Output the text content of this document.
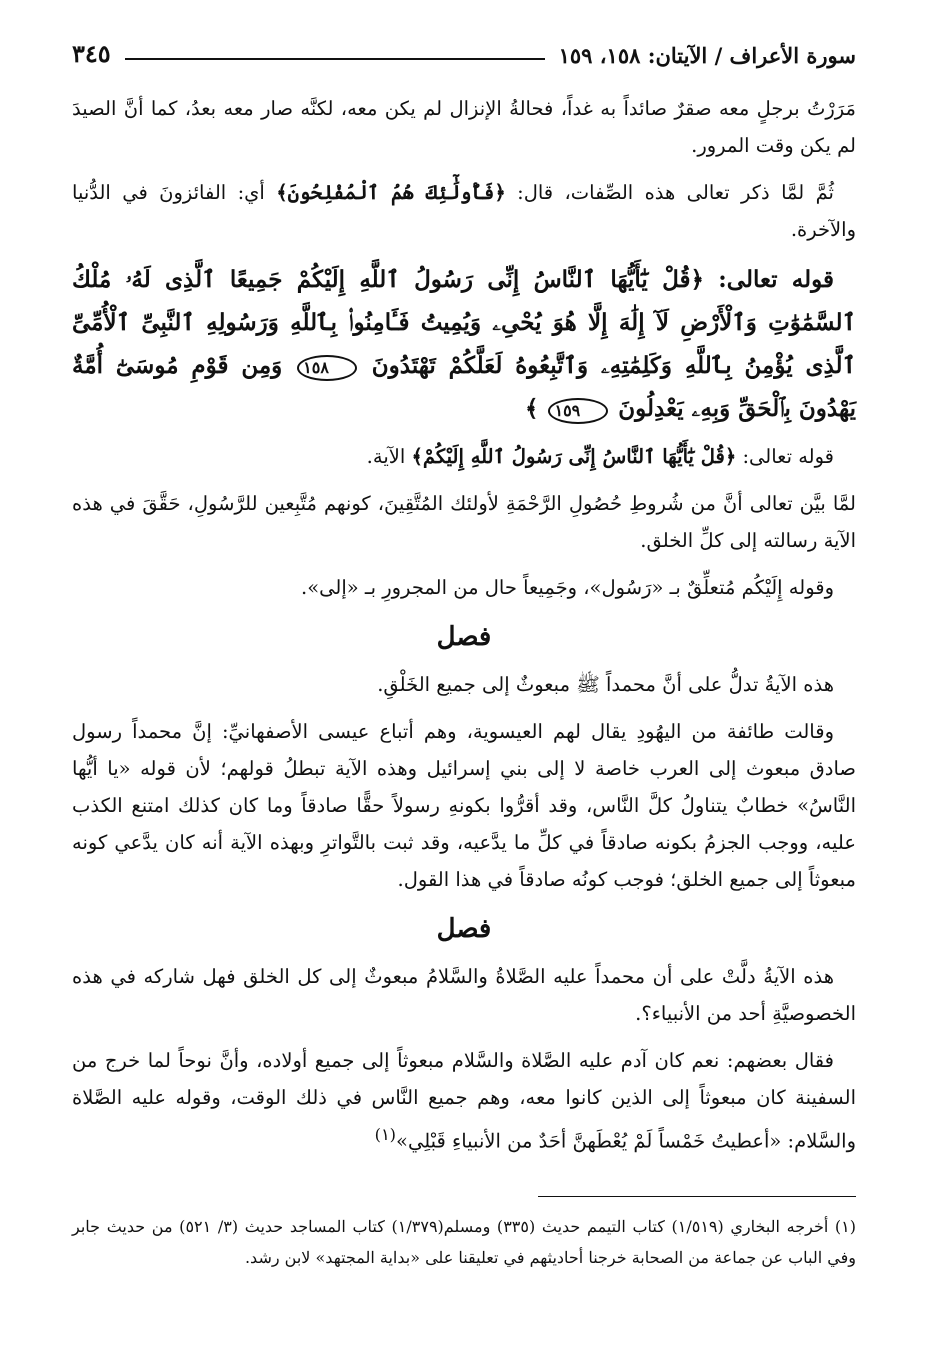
سورة الأعراف / الآيتان: ١٥٨، ١٥٩
٣٤٥

مَرَرْتُ برجلٍ معه صقرٌ صائداً به غداً، فحالةُ الإنزال لم يكن معه، لكنَّه صار معه بعدُ، كما أنَّ الصيدَ لم يكن وقت المرور.

ثُمَّ لمَّا ذكر تعالى هذه الصِّفات، قال: ﴿فَأُولَٰٓئِكَ هُمُ ٱلْمُفْلِحُونَ﴾ أي: الفائزونَ في الدُّنيا والآخرة.

قوله تعالى: ﴿قُلْ يَٰٓأَيُّهَا ٱلنَّاسُ إِنِّى رَسُولُ ٱللَّهِ إِلَيْكُمْ جَمِيعًا ٱلَّذِى لَهُۥ مُلْكُ ٱلسَّمَٰوَٰتِ وَٱلْأَرْضِ لَآ إِلَٰهَ إِلَّا هُوَ يُحْىِۦ وَيُمِيتُ فَـَٔامِنُوا۟ بِٱللَّهِ وَرَسُولِهِ ٱلنَّبِىِّ ٱلْأُمِّىِّ ٱلَّذِى يُؤْمِنُ بِٱللَّهِ وَكَلِمَٰتِهِۦ وَٱتَّبِعُوهُ لَعَلَّكُمْ تَهْتَدُونَ ١٥٨ وَمِن قَوْمِ مُوسَىٰٓ أُمَّةٌ يَهْدُونَ بِٱلْحَقِّ وَبِهِۦ يَعْدِلُونَ ١٥٩ ﴾

قوله تعالى: ﴿قُلْ يَٰٓأَيُّهَا ٱلنَّاسُ إِنِّى رَسُولُ ٱللَّهِ إِلَيْكُمْ﴾ الآية.

لمَّا بيَّن تعالى أنَّ من شُروطِ حُصُولِ الرَّحْمَةِ لأولئك المُتَّقِينَ، كونهم مُتَّبِعين للرَّسُولِ، حَقَّقَ في هذه الآية رسالته إلى كلِّ الخلق.

وقوله إِلَيْكُم مُتعلِّقٌ بـ «رَسُول»، وجَمِيعاً حال من المجرورِ بـ «إلى».

فصل

هذه الآيةُ تدلُّ على أنَّ محمداً ﷺ مبعوثٌ إلى جميع الخَلْقِ.

وقالت طائفة من اليهُودِ يقال لهم العيسوية، وهم أتباع عيسى الأصفهانيِّ: إنَّ محمداً رسول صادق مبعوث إلى العرب خاصة لا إلى بني إسرائيل وهذه الآية تبطلُ قولهم؛ لأن قوله «يا أيُّها النَّاسُ» خطابٌ يتناولُ كلَّ النَّاس، وقد أقرُّوا بكونهِ رسولاً حقًّا صادقاً وما كان كذلك امتنع الكذب عليه، ووجب الجزمُ بكونه صادقاً في كلِّ ما يدَّعيه، وقد ثبت بالتَّواترِ وبهذه الآية أنه كان يدَّعي كونه مبعوثاً إلى جميع الخلق؛ فوجب كونُه صادقاً في هذا القول.

فصل

هذه الآيةُ دلَّتْ على أن محمداً عليه الصَّلاةُ والسَّلامُ مبعوثٌ إلى كل الخلق فهل شاركه في هذه الخصوصيَّةِ أحد من الأنبياء؟.

فقال بعضهم: نعم كان آدم عليه الصَّلاة والسَّلام مبعوثاً إلى جميع أولاده، وأنَّ نوحاً لما خرج من السفينة كان مبعوثاً إلى الذين كانوا معه، وهم جميع النَّاس في ذلك الوقت، وقوله عليه الصَّلاة والسَّلام: «أعطيتُ خَمْساً لَمْ يُعْطَهنَّ أحَدٌ من الأنبياءِ قَبْلِي»$^{(١)}$

(١) أخرجه البخاري (١/٥١٩) كتاب التيمم حديث (٣٣٥) ومسلم(١/٣٧٩) كتاب المساجد حديث (٣/ ٥٢١) من حديث جابر وفي الباب عن جماعة من الصحابة خرجنا أحاديثهم في تعليقنا على «بداية المجتهد» لابن رشد.
